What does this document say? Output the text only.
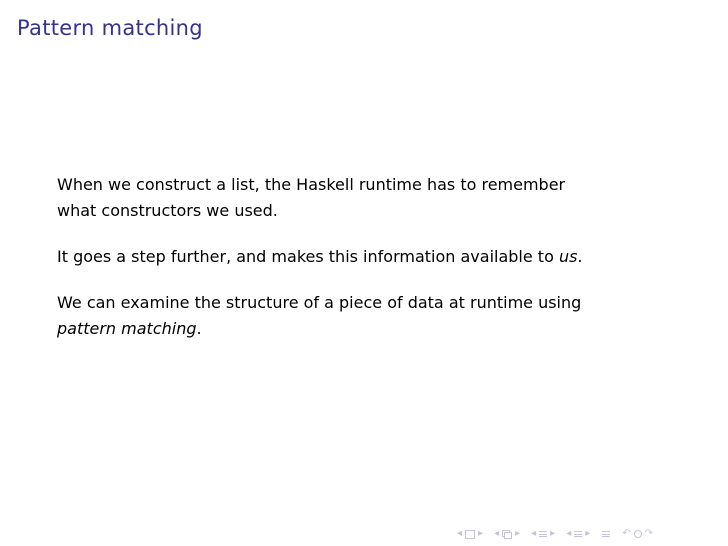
Pattern matching

When we construct a list, the Haskell runtime has to remember
what constructors we used.

It goes a step further, and makes this information available to us.

We can examine the structure of a piece of data at runtime using
pattern matching.

◂ ▸ ◂ ▸ ◂ ▸ ◂ ▸	↶ ↷
